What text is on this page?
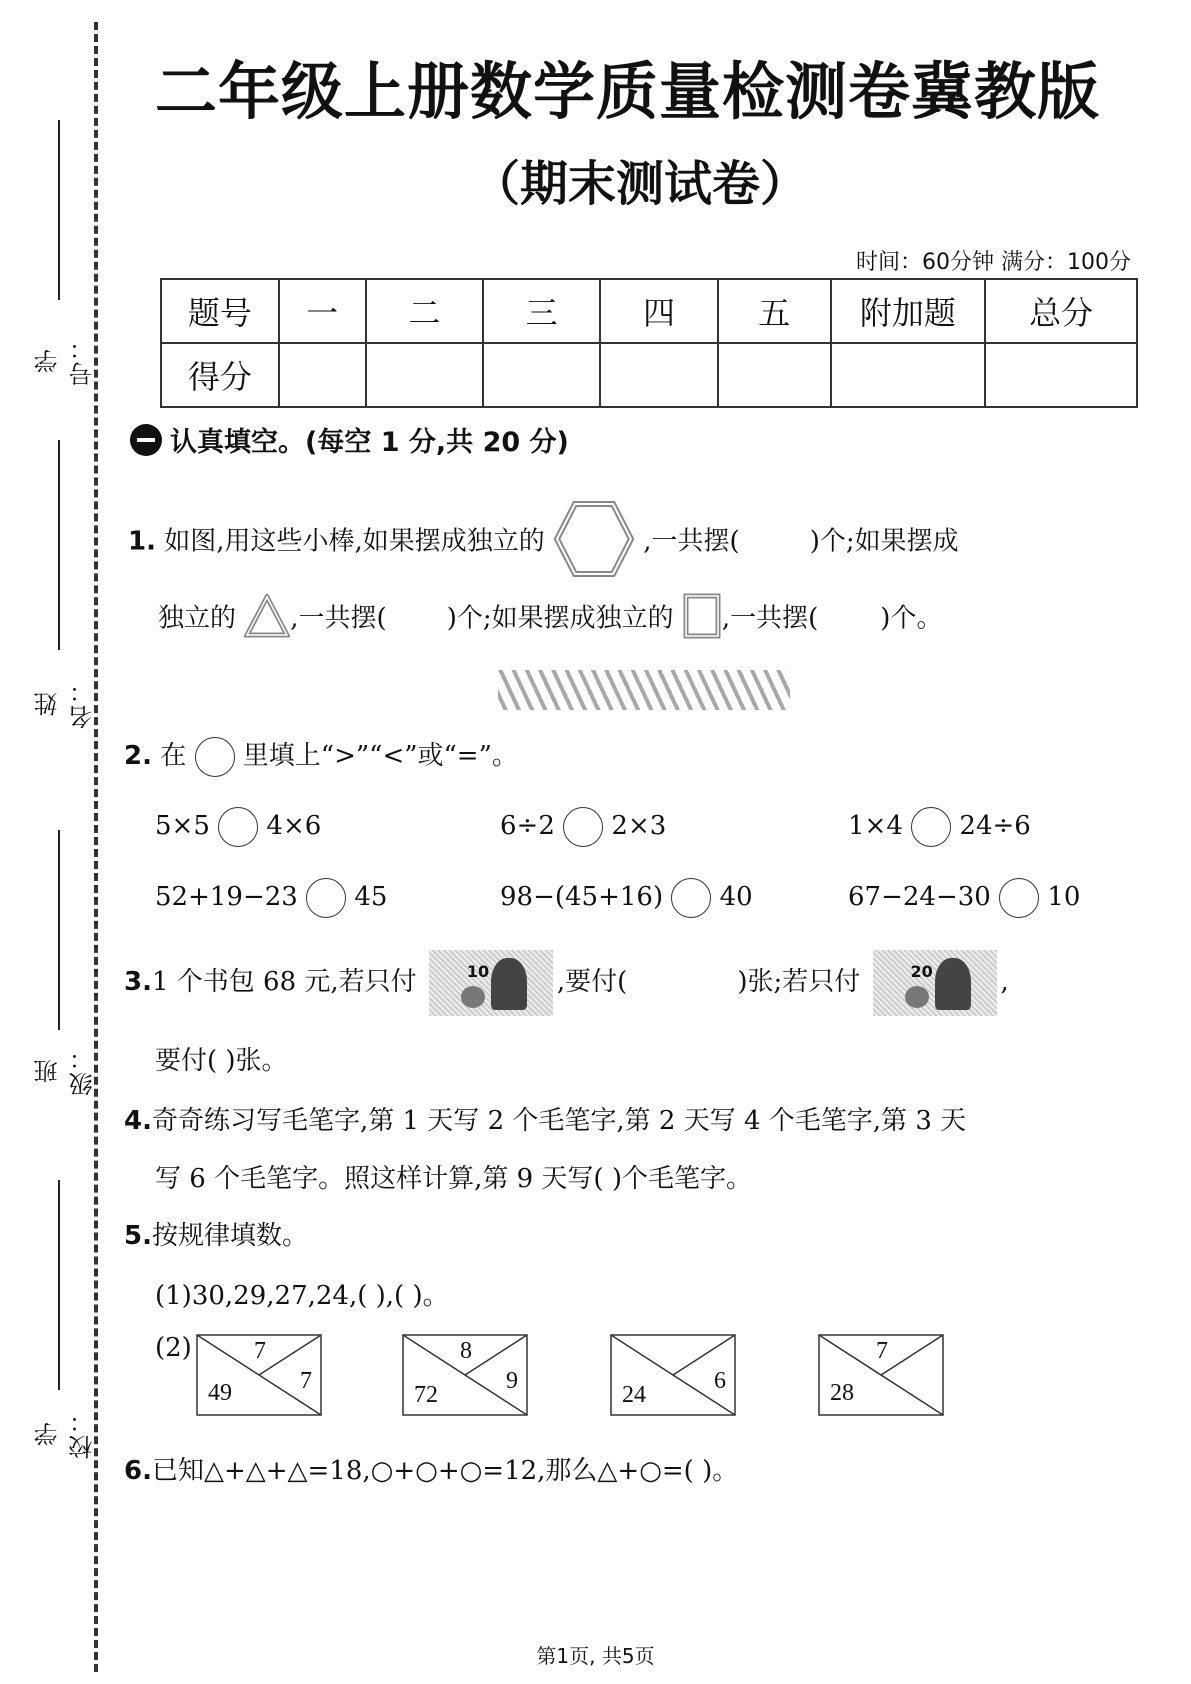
学号：
姓名：
班级：
学校：
二年级上册数学质量检测卷冀教版
（期末测试卷）
时间：60分钟 满分：100分
题号	一	二	三	四	五	附加题	总分
得分							
认真填空。(每空 1 分,共 20 分)
1. 如图,用这些小棒,如果摆成独立的	,一共摆(	)个;如果摆成
独立的 ,一共摆( )个;如果摆成独立的 ,一共摆( )个。
2. 在 里填上“>”“<”或“=”。
5×5 4×6	6÷2 2×3	1×4 24÷6
52+19−23 45	98−(45+16) 40	67−24−30 10
3.1 个书包 68 元,若只付	10	,要付(	)张;若只付	20	,
要付( )张。
4.奇奇练习写毛笔字,第 1 天写 2 个毛笔字,第 2 天写 4 个毛笔字,第 3 天
写 6 个毛笔字。照这样计算,第 9 天写( )个毛笔字。
5.按规律填数。
(1)30,29,27,24,( ),( )。
(2)	7
7
49
8
9
72
6
24
7
28
6.已知△+△+△=18,○+○+○=12,那么△+○=( )。
第1页, 共5页
